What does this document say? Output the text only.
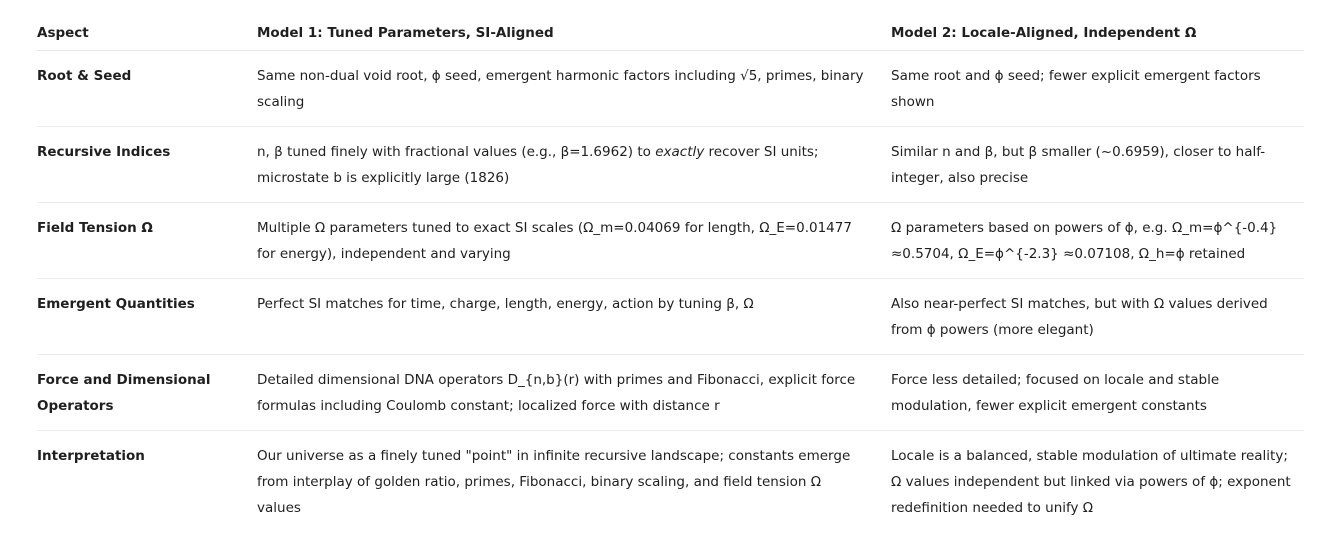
Aspect	Model 1: Tuned Parameters, SI-Aligned	Model 2: Locale-Aligned, Independent Ω
Root & Seed	Same non-dual void root, ϕ seed, emergent harmonic factors including √5, primes, binary scaling	Same root and ϕ seed; fewer explicit emergent factors shown
Recursive Indices	n, β tuned finely with fractional values (e.g., β=1.6962) to exactly recover SI units; microstate b is explicitly large (1826)	Similar n and β, but β smaller (~0.6959), closer to half-integer, also precise
Field Tension Ω	Multiple Ω parameters tuned to exact SI scales (Ω_m=0.04069 for length, Ω_E=0.01477 for energy), independent and varying	Ω parameters based on powers of ϕ, e.g. Ω_m=ϕ^{-0.4} ≈0.5704, Ω_E=ϕ^{-2.3} ≈0.07108, Ω_h=ϕ retained
Emergent Quantities	Perfect SI matches for time, charge, length, energy, action by tuning β, Ω	Also near-perfect SI matches, but with Ω values derived from ϕ powers (more elegant)
Force and Dimensional Operators	Detailed dimensional DNA operators D_{n,b}(r) with primes and Fibonacci, explicit force formulas including Coulomb constant; localized force with distance r	Force less detailed; focused on locale and stable modulation, fewer explicit emergent constants
Interpretation	Our universe as a finely tuned "point" in infinite recursive landscape; constants emerge from interplay of golden ratio, primes, Fibonacci, binary scaling, and field tension Ω values	Locale is a balanced, stable modulation of ultimate reality; Ω values independent but linked via powers of ϕ; exponent redefinition needed to unify Ω
